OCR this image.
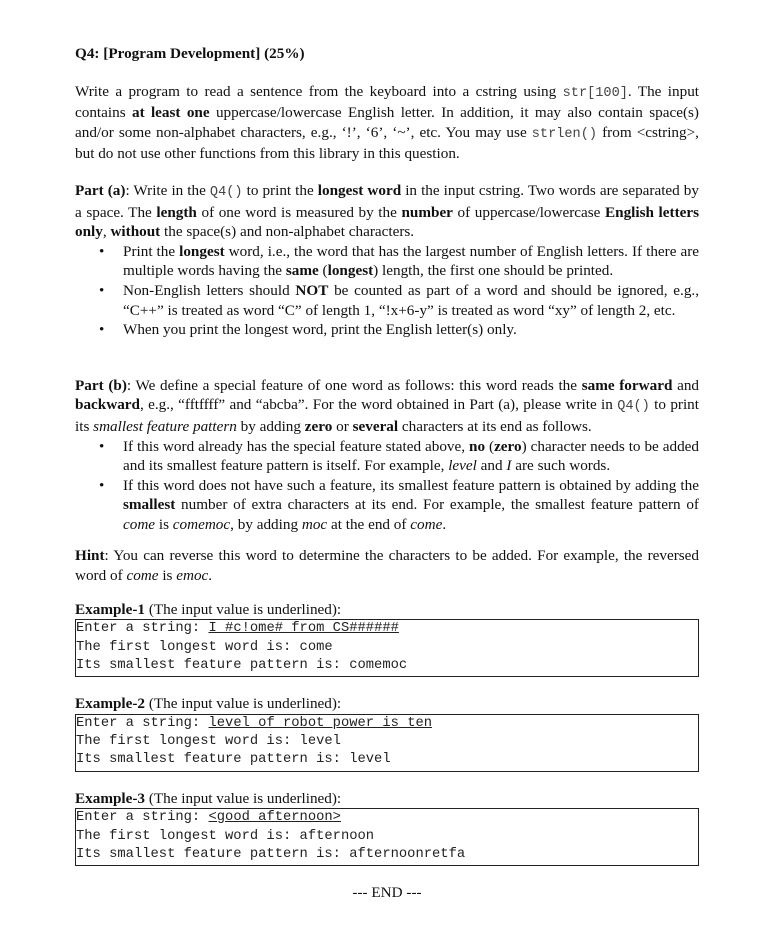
Q4: [Program Development] (25%)

Write a program to read a sentence from the keyboard into a cstring using str[100]. The input contains at least one uppercase/lowercase English letter. In addition, it may also contain space(s) and/or some non-alphabet characters, e.g., ‘!’, ‘6’, ‘~’, etc. You may use strlen() from <cstring>, but do not use other functions from this library in this question.

Part (a): Write in the Q4() to print the longest word in the input cstring. Two words are separated by a space. The length of one word is measured by the number of uppercase/lowercase English letters only, without the space(s) and non-alphabet characters.

• Print the longest word, i.e., the word that has the largest number of English letters. If there are multiple words having the same (longest) length, the first one should be printed.
• Non-English letters should NOT be counted as part of a word and should be ignored, e.g., “C++” is treated as word “C” of length 1, “!x+6-y” is treated as word “xy” of length 2, etc.
• When you print the longest word, print the English letter(s) only.

Part (b): We define a special feature of one word as follows: this word reads the same forward and backward, e.g., “fftffff” and “abcba”. For the word obtained in Part (a), please write in Q4() to print its smallest feature pattern by adding zero or several characters at its end as follows.

• If this word already has the special feature stated above, no (zero) character needs to be added and its smallest feature pattern is itself. For example, level and I are such words.
• If this word does not have such a feature, its smallest feature pattern is obtained by adding the smallest number of extra characters at its end. For example, the smallest feature pattern of come is comemoc, by adding moc at the end of come.

Hint: You can reverse this word to determine the characters to be added. For example, the reversed word of come is emoc.

Example-1 (The input value is underlined):

Enter a string: I #c!ome# from CS######
The first longest word is: come
Its smallest feature pattern is: comemoc

Example-2 (The input value is underlined):

Enter a string: level of robot power is ten
The first longest word is: level
Its smallest feature pattern is: level

Example-3 (The input value is underlined):

Enter a string: <good afternoon>
The first longest word is: afternoon
Its smallest feature pattern is: afternoonretfa
--- END ---
